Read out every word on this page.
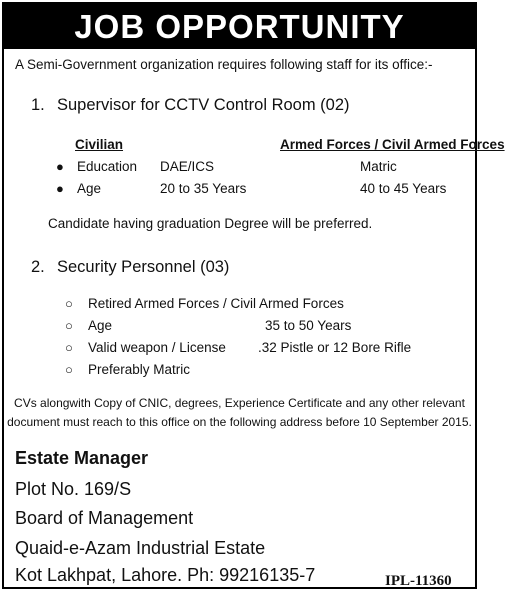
JOB OPPORTUNITY
A Semi-Government organization requires following staff for its office:-
1. Supervisor for CCTV Control Room (02)
Civilian	Armed Forces / Civil Armed Forces
● Education DAE/ICS	Matric
● Age	20 to 35 Years	40 to 45 Years
Candidate having graduation Degree will be preferred.
2. Security Personnel (03)
○ Retired Armed Forces / Civil Armed Forces
○ Age	35 to 50 Years
○ Valid weapon / License .32 Pistle or 12 Bore Rifle
○ Preferably Matric
CVs alongwith Copy of CNIC, degrees, Experience Certificate and any other relevant
document must reach to this office on the following address before 10 September 2015.
Estate Manager
Plot No. 169/S
Board of Management
Quaid-e-Azam Industrial Estate
Kot Lakhpat, Lahore. Ph: 99216135-7	IPL-11360
